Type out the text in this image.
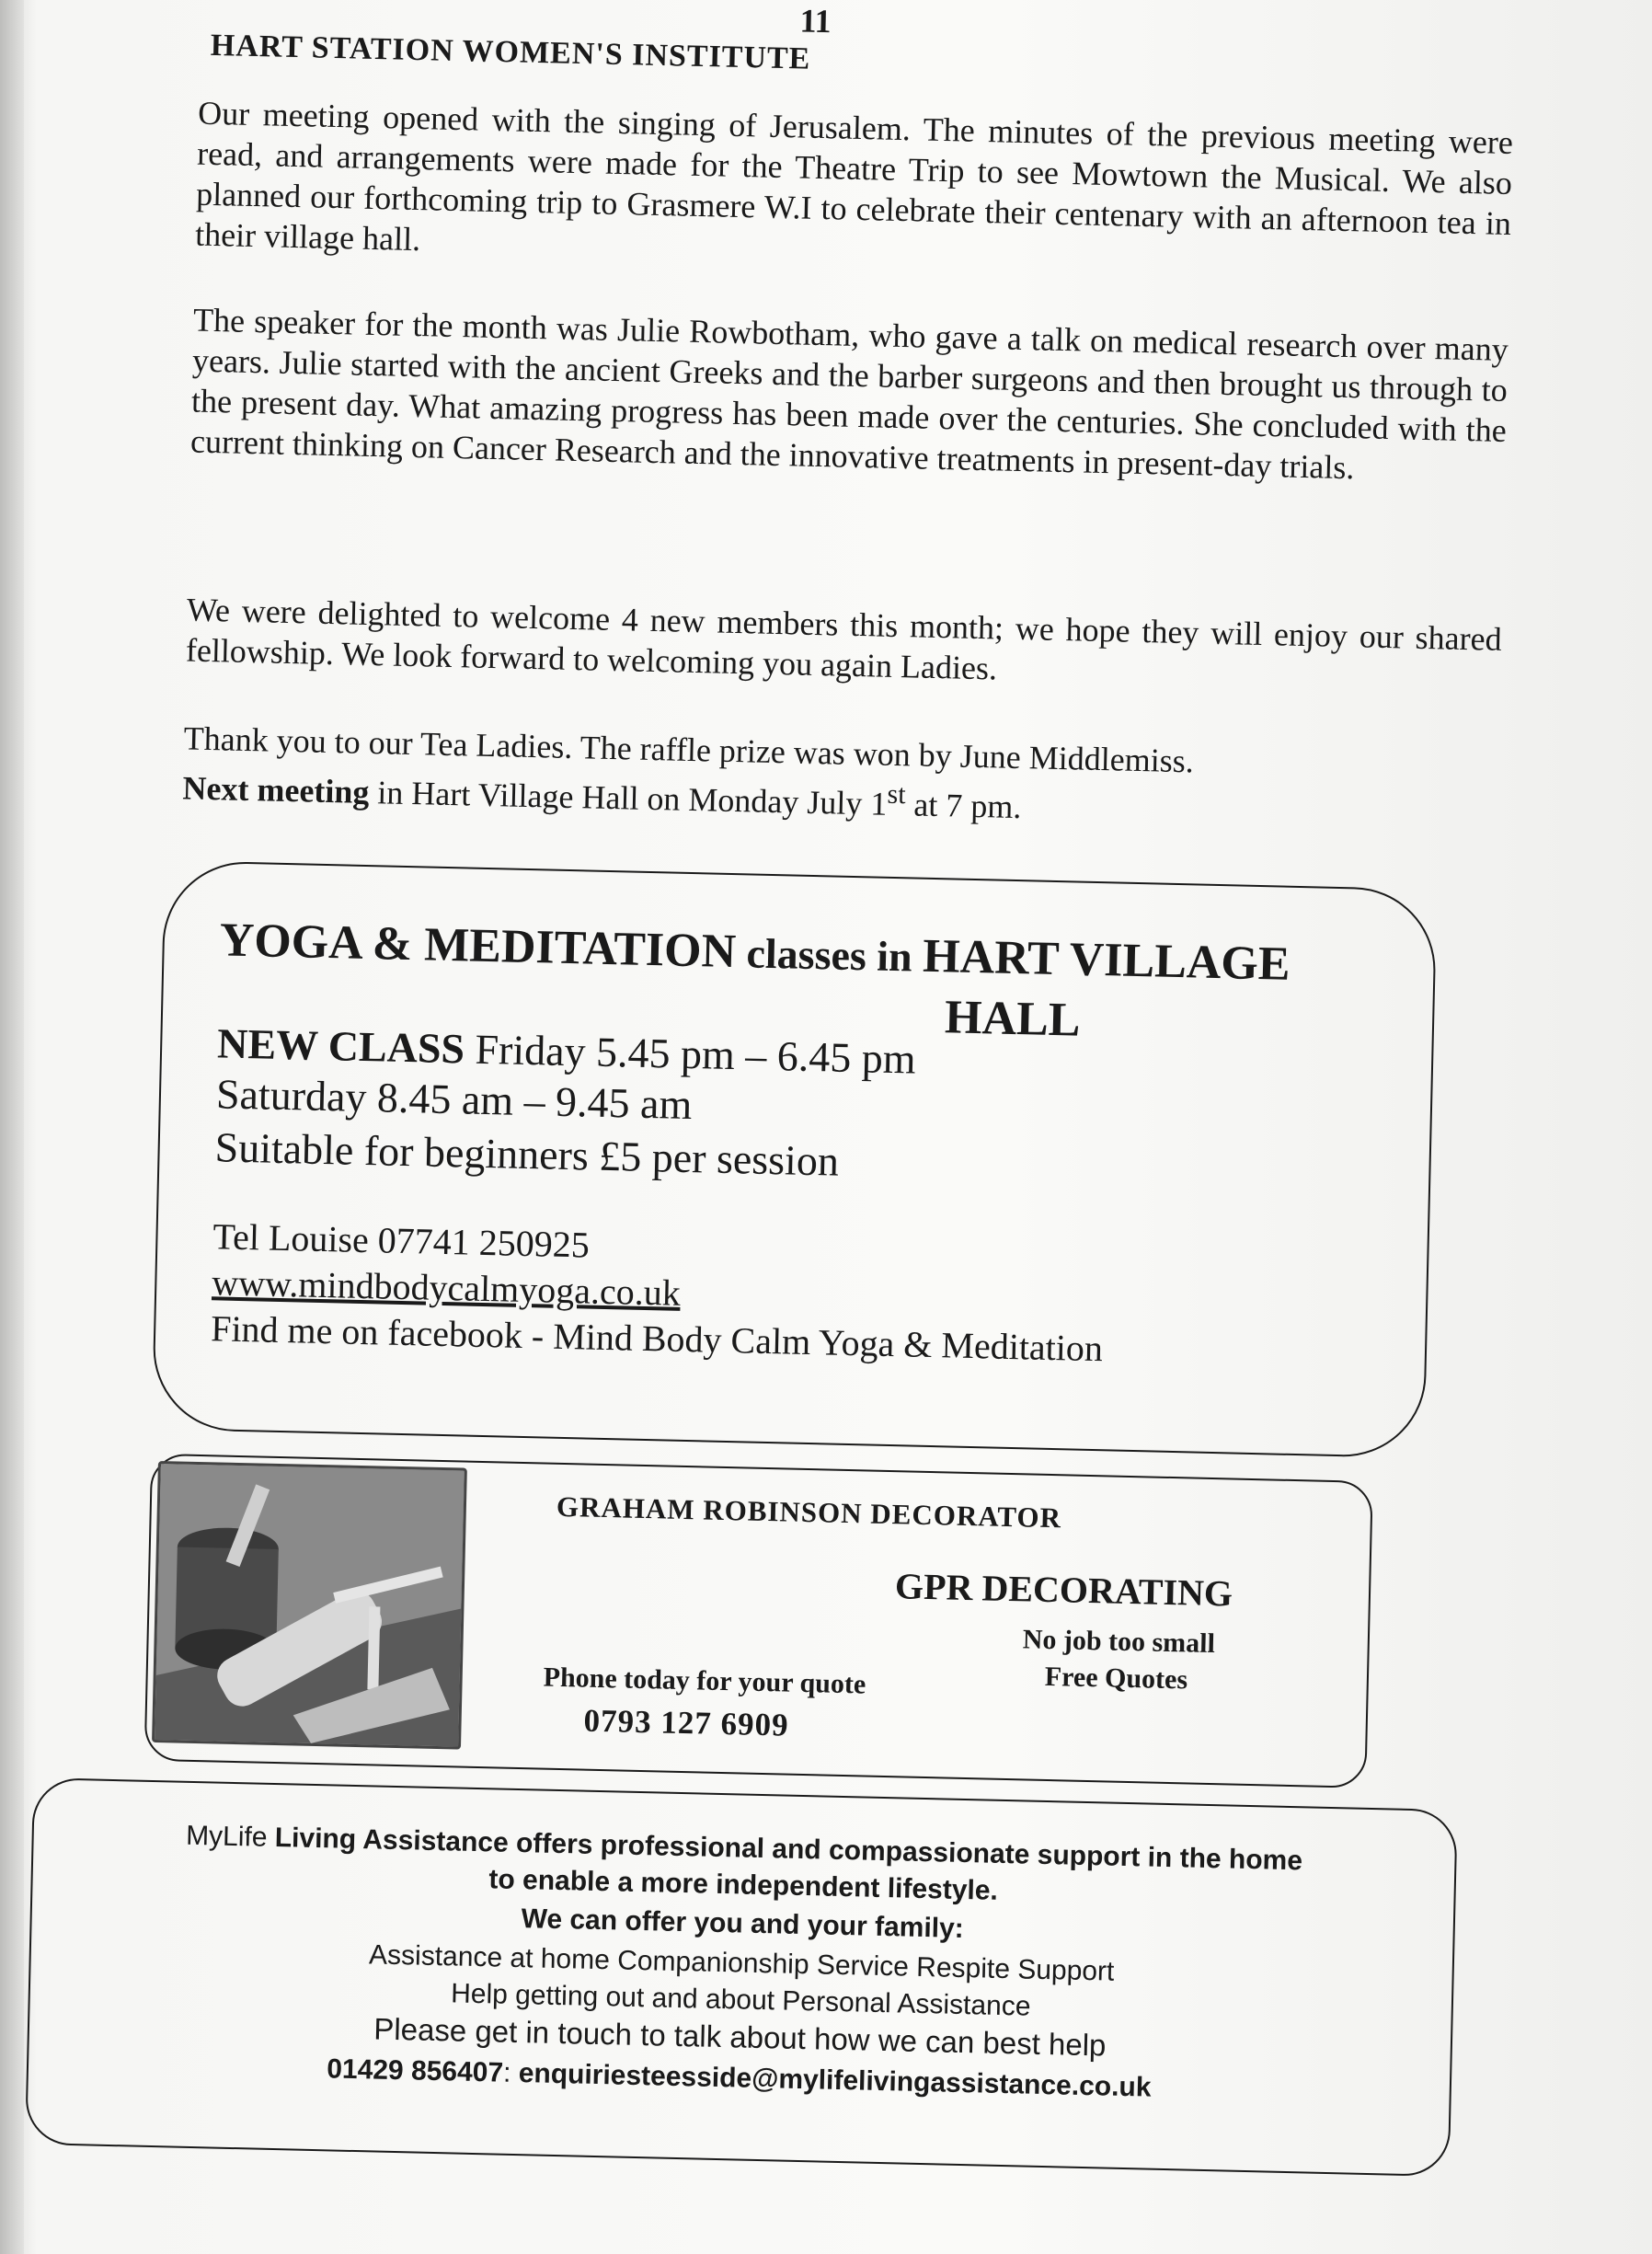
11
HART STATION WOMEN'S INSTITUTE

Our meeting opened with the singing of Jerusalem. The minutes of the previous meeting were read, and arrangements were made for the Theatre Trip to see Mowtown the Musical. We also planned our forthcoming trip to Grasmere W.I to celebrate their centenary with an afternoon tea in their village hall.

The speaker for the month was Julie Rowbotham, who gave a talk on medical research over many years. Julie started with the ancient Greeks and the barber surgeons and then brought us through to the present day. What amazing progress has been made over the centuries. She concluded with the current thinking on Cancer Research and the innovative treatments in present-day trials.

We were delighted to welcome 4 new members this month; we hope they will enjoy our shared fellowship. We look forward to welcoming you again Ladies.

Thank you to our Tea Ladies. The raffle prize was won by June Middlemiss.

Next meeting in Hart Village Hall on Monday July 1st at 7 pm.

YOGA & MEDITATION classes in HART VILLAGE
HALL
NEW CLASS Friday 5.45 pm – 6.45 pm
Saturday 8.45 am – 9.45 am
Suitable for beginners £5 per session
Tel Louise 07741 250925
www.mindbodycalmyoga.co.uk
Find me on facebook - Mind Body Calm Yoga & Meditation
GRAHAM ROBINSON DECORATOR
GPR DECORATING
No job too small
Free Quotes
Phone today for your quote
0793 127 6909
MyLife Living Assistance offers professional and compassionate support in the home
to enable a more independent lifestyle.
We can offer you and your family:
Assistance at home Companionship Service Respite Support
Help getting out and about Personal Assistance
Please get in touch to talk about how we can best help
01429 856407: enquiriesteesside@mylifelivingassistance.co.uk
